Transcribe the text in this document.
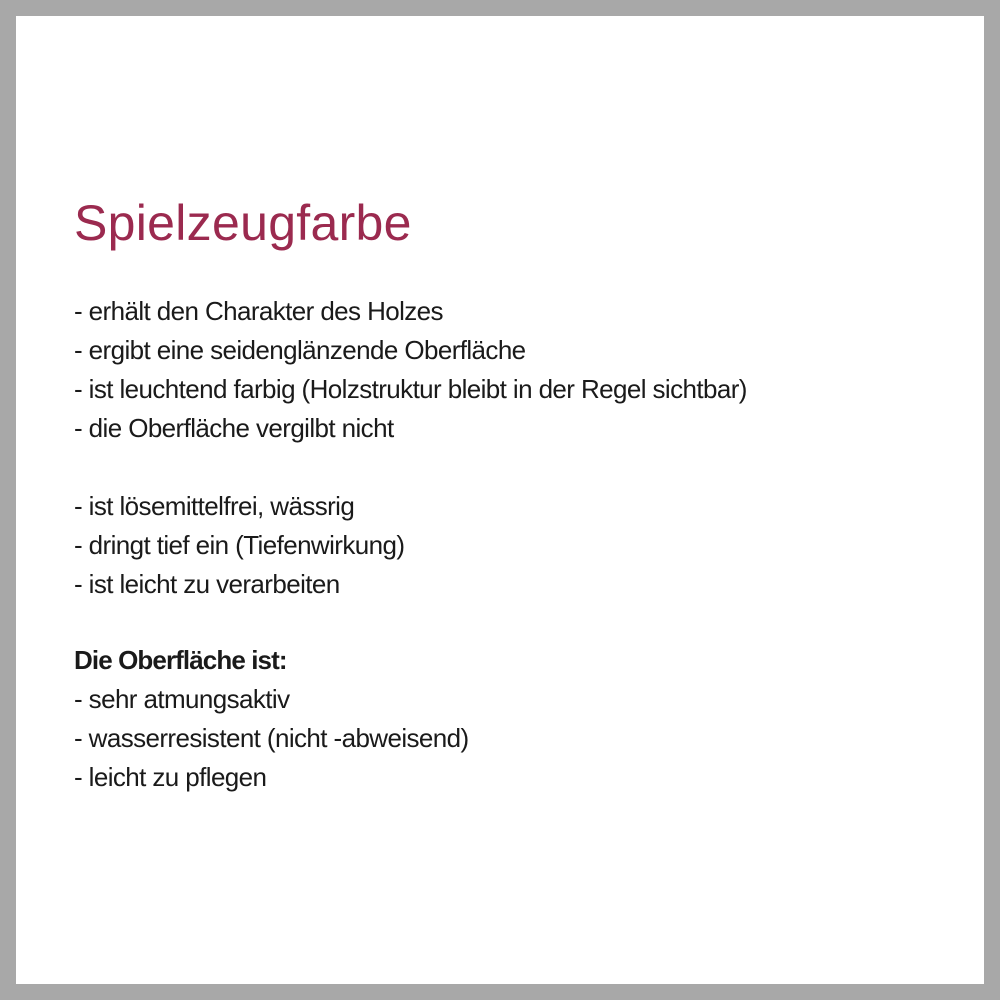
Spielzeugfarbe
- erhält den Charakter des Holzes
- ergibt eine seidenglänzende Oberfläche
- ist leuchtend farbig (Holzstruktur bleibt in der Regel sichtbar)
- die Oberfläche vergilbt nicht
- ist lösemittelfrei, wässrig
- dringt tief ein (Tiefenwirkung)
- ist leicht zu verarbeiten

Die Oberfläche ist:

- sehr atmungsaktiv
- wasserresistent (nicht -abweisend)
- leicht zu pflegen
